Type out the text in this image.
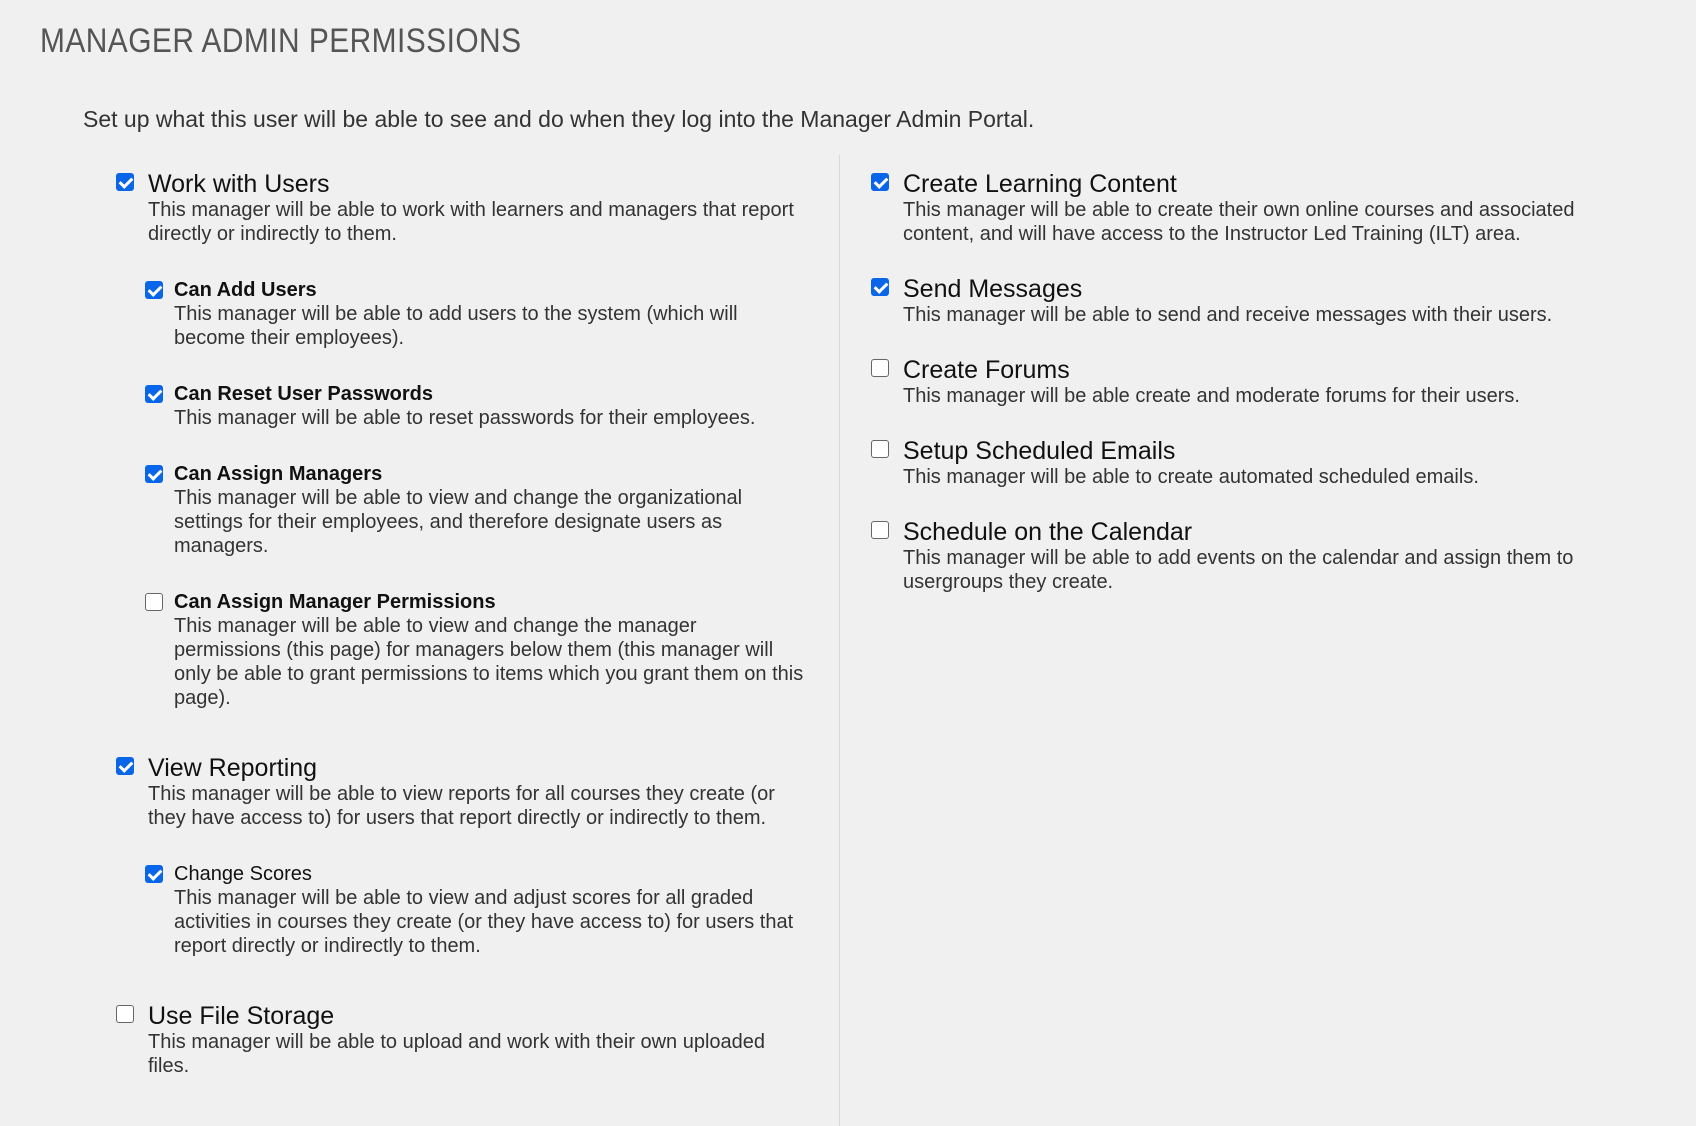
MANAGER ADMIN PERMISSIONS
Set up what this user will be able to see and do when they log into the Manager Admin Portal.
Work with Users
This manager will be able to work with learners and managers that report directly or indirectly to them.
Can Add Users
This manager will be able to add users to the system (which will become their employees).
Can Reset User Passwords
This manager will be able to reset passwords for their employees.
Can Assign Managers
This manager will be able to view and change the organizational settings for their employees, and therefore designate users as managers.
Can Assign Manager Permissions
This manager will be able to view and change the manager permissions (this page) for managers below them (this manager will only be able to grant permissions to items which you grant them on this page).
View Reporting
This manager will be able to view reports for all courses they create (or they have access to) for users that report directly or indirectly to them.
Change Scores
This manager will be able to view and adjust scores for all graded activities in courses they create (or they have access to) for users that report directly or indirectly to them.
Use File Storage
This manager will be able to upload and work with their own uploaded files.
Create Learning Content
This manager will be able to create their own online courses and associated content, and will have access to the Instructor Led Training (ILT) area.
Send Messages
This manager will be able to send and receive messages with their users.
Create Forums
This manager will be able create and moderate forums for their users.
Setup Scheduled Emails
This manager will be able to create automated scheduled emails.
Schedule on the Calendar
This manager will be able to add events on the calendar and assign them to usergroups they create.
